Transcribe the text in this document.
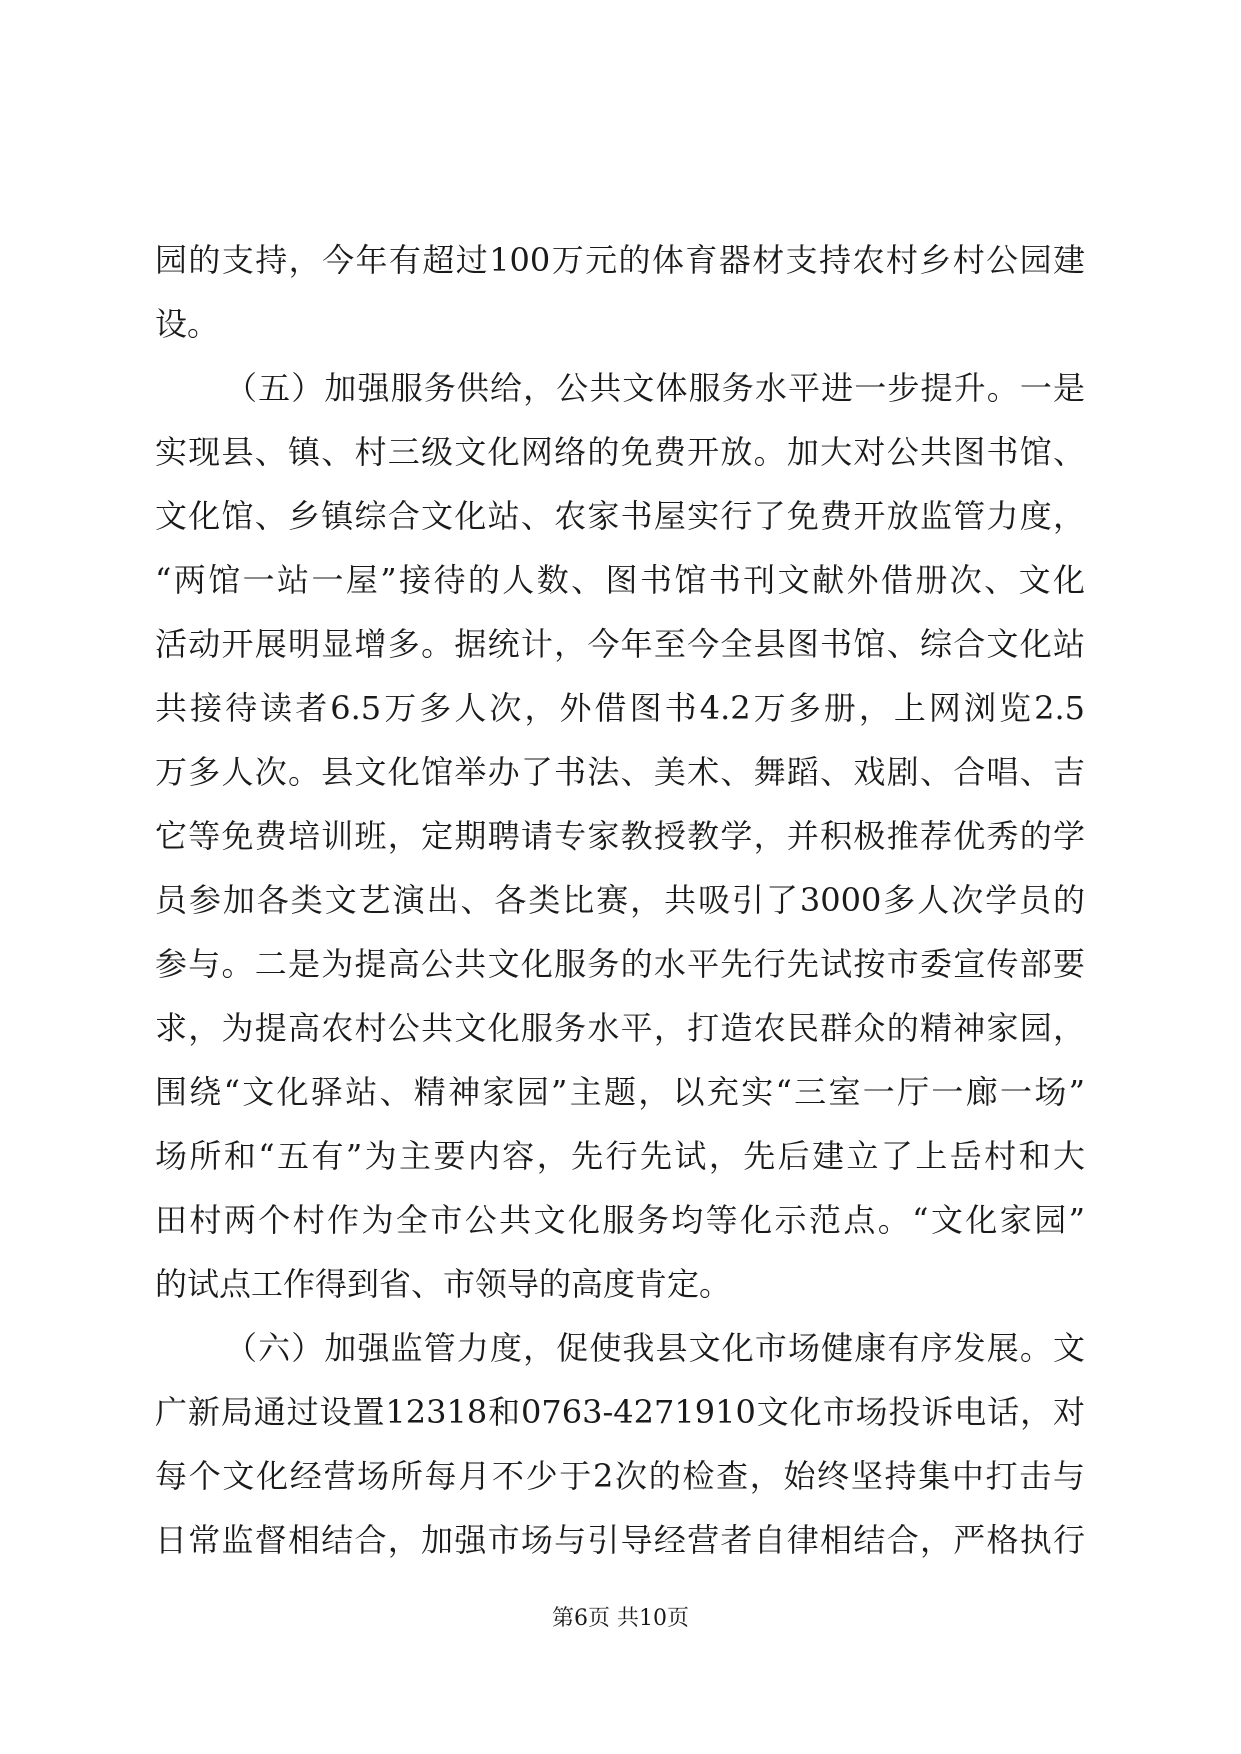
园的支持，今年有超过100万元的体育器材支持农村乡村公园建
设。
（五）加强服务供给，公共文体服务水平进一步提升。一是
实现县、镇、村三级文化网络的免费开放。加大对公共图书馆、
文化馆、乡镇综合文化站、农家书屋实行了免费开放监管力度，
“两馆一站一屋”接待的人数、图书馆书刊文献外借册次、文化
活动开展明显增多。据统计，今年至今全县图书馆、综合文化站
共接待读者6.5万多人次，外借图书4.2万多册，上网浏览2.5
万多人次。县文化馆举办了书法、美术、舞蹈、戏剧、合唱、吉
它等免费培训班，定期聘请专家教授教学，并积极推荐优秀的学
员参加各类文艺演出、各类比赛，共吸引了3000多人次学员的
参与。二是为提高公共文化服务的水平先行先试按市委宣传部要
求，为提高农村公共文化服务水平，打造农民群众的精神家园，
围绕“文化驿站、精神家园”主题，以充实“三室一厅一廊一场”
场所和“五有”为主要内容，先行先试，先后建立了上岳村和大
田村两个村作为全市公共文化服务均等化示范点。“文化家园”
的试点工作得到省、市领导的高度肯定。
（六）加强监管力度，促使我县文化市场健康有序发展。文
广新局通过设置12318和0763-4271910文化市场投诉电话，对
每个文化经营场所每月不少于2次的检查，始终坚持集中打击与
日常监督相结合，加强市场与引导经营者自律相结合，严格执行
第6页 共10页
